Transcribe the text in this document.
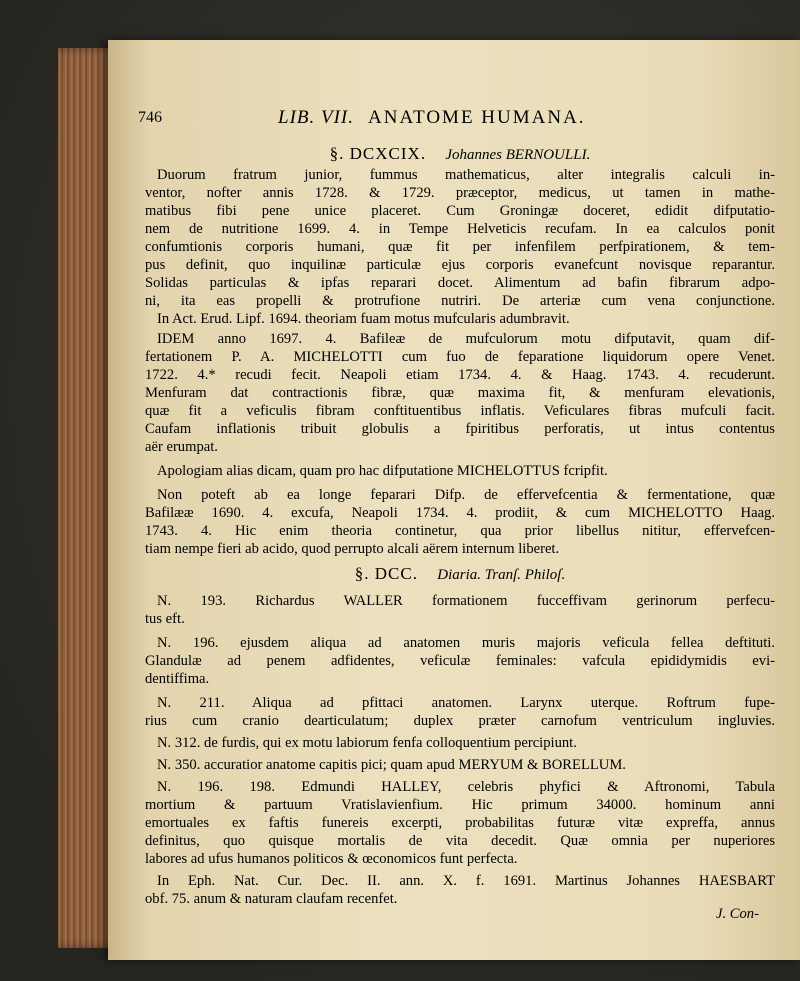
746	LIB. VII. ANATOME HUMANA.
§. DCXCIX. Johannes BERNOULLI.
Duorum fratrum junior, fummus mathematicus, alter integralis calculi in-
ventor, nofter annis 1728. & 1729. præceptor, medicus, ut tamen in mathe-
matibus fibi pene unice placeret. Cum Groningæ doceret, edidit difputatio-
nem de nutritione 1699. 4. in Tempe Helveticis recufam. In ea calculos ponit
confumtionis corporis humani, quæ fit per infenfilem perfpirationem, & tem-
pus definit, quo inquilinæ particulæ ejus corporis evanefcunt novisque reparantur.
Solidas particulas & ipfas reparari docet. Alimentum ad bafin fibrarum adpo-
ni, ita eas propelli & protrufione nutriri. De arteriæ cum vena conjunctione.
In Act. Erud. Lipf. 1694. theoriam fuam motus mufcularis adumbravit.
IDEM anno 1697. 4. Bafileæ de mufculorum motu difputavit, quam dif-
fertationem P. A. MICHELOTTI cum fuo de feparatione liquidorum opere Venet.
1722. 4.* recudi fecit. Neapoli etiam 1734. 4. & Haag. 1743. 4. recuderunt.
Menfuram dat contractionis fibræ, quæ maxima fit, & menfuram elevationis,
quæ fit a veficulis fibram conftituentibus inflatis. Veficulares fibras mufculi facit.
Caufam inflationis tribuit globulis a fpiritibus perforatis, ut intus contentus
aër erumpat.
Apologiam alias dicam, quam pro hac difputatione MICHELOTTUS fcripfit.
Non poteft ab ea longe feparari Difp. de effervefcentia & fermentatione, quæ
Bafilææ 1690. 4. excufa, Neapoli 1734. 4. prodiit, & cum MICHELOTTO Haag.
1743. 4. Hic enim theoria continetur, qua prior libellus nititur, effervefcen-
tiam nempe fieri ab acido, quod perrupto alcali aërem internum liberet.
§. DCC. Diaria. Tranſ. Philoſ.
N. 193. Richardus WALLER formationem fucceffivam gerinorum perfecu-
tus eft.
N. 196. ejusdem aliqua ad anatomen muris majoris veficula fellea deftituti.
Glandulæ ad penem adfidentes, veficulæ feminales: vafcula epididymidis evi-
dentiffima.
N. 211. Aliqua ad pfittaci anatomen. Larynx uterque. Roftrum fupe-
rius cum cranio dearticulatum; duplex præter carnofum ventriculum ingluvies.
N. 312. de furdis, qui ex motu labiorum fenfa colloquentium percipiunt.
N. 350. accuratior anatome capitis pici; quam apud MERYUM & BORELLUM.
N. 196. 198. Edmundi HALLEY, celebris phyfici & Aftronomi, Tabula
mortium & partuum Vratislavienfium. Hic primum 34000. hominum anni
emortuales ex faftis funereis excerpti, probabilitas futuræ vitæ expreffa, annus
definitus, quo quisque mortalis de vita decedit. Quæ omnia per nuperiores
labores ad ufus humanos politicos & œconomicos funt perfecta.
In Eph. Nat. Cur. Dec. II. ann. X. f. 1691. Martinus Johannes HAESBART
obf. 75. anum & naturam claufam recenfet.
J. Con-
